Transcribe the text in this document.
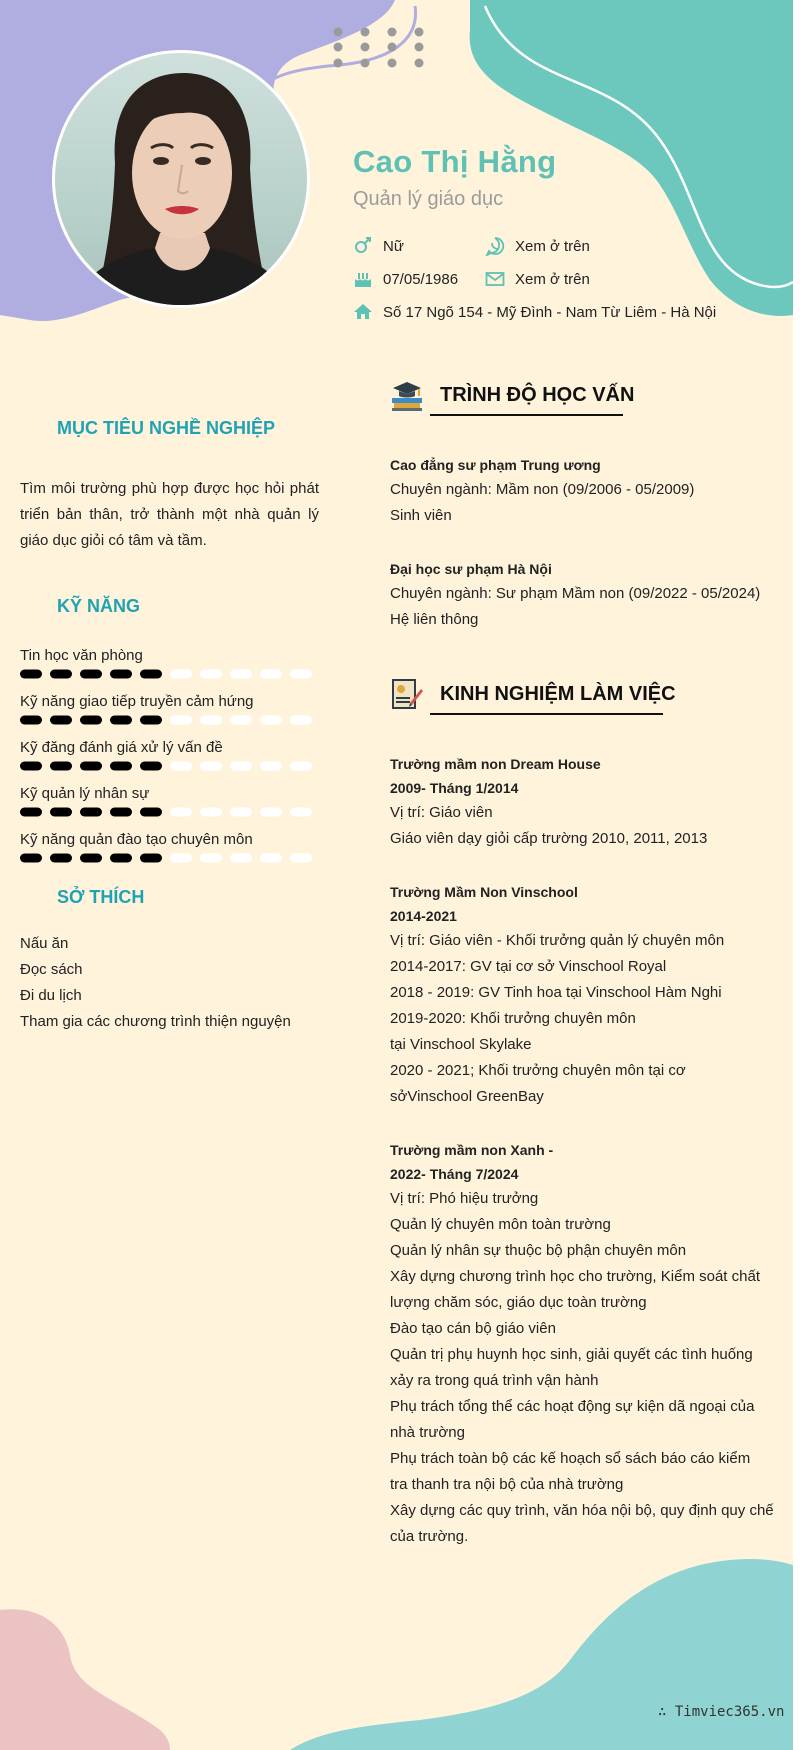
Cao Thị Hằng
Quản lý giáo dục
Nữ	Xem ở trên
07/05/1986	Xem ở trên
Số 17 Ngõ 154 - Mỹ Đình - Nam Từ Liêm - Hà Nội
MỤC TIÊU NGHỀ NGHIỆP
Tìm môi trường phù hợp được học hỏi phát triển bản thân, trở thành một nhà quản lý giáo dục giỏi có tâm và tầm.
KỸ NĂNG
Tin học văn phòng
Kỹ năng giao tiếp truyền cảm hứng
Kỹ đăng đánh giá xử lý vấn đề
Kỹ quản lý nhân sự
Kỹ năng quản đào tạo chuyên môn
SỞ THÍCH
Nấu ăn
Đọc sách
Đi du lịch
Tham gia các chương trình thiện nguyện
TRÌNH ĐỘ HỌC VẤN
Cao đẳng sư phạm Trung ương
Chuyên ngành: Mầm non (09/2006 - 05/2009)
Sinh viên
Đại học sư phạm Hà Nội
Chuyên ngành: Sư phạm Mầm non (09/2022 - 05/2024)
Hệ liên thông
KINH NGHIỆM LÀM VIỆC
Trường mầm non Dream House
2009- Tháng 1/2014
Vị trí: Giáo viên
Giáo viên dạy giỏi cấp trường 2010, 2011, 2013
Trường Mầm Non Vinschool
2014-2021
Vị trí: Giáo viên - Khối trưởng quản lý chuyên môn
2014-2017: GV tại cơ sở Vinschool Royal
2018 - 2019: GV Tinh hoa tại Vinschool Hàm Nghi
2019-2020: Khối trưởng chuyên môn
tại Vinschool Skylake
2020 - 2021; Khối trưởng chuyên môn tại cơ
sởVinschool GreenBay
Trường mầm non Xanh -
2022- Tháng 7/2024
Vị trí: Phó hiệu trưởng
Quản lý chuyên môn toàn trường
Quản lý nhân sự thuộc bộ phận chuyên môn
Xây dựng chương trình học cho trường, Kiểm soát chất
lượng chăm sóc, giáo dục toàn trường
Đào tạo cán bộ giáo viên
Quản trị phụ huynh học sinh, giải quyết các tình huống
xảy ra trong quá trình vận hành
Phụ trách tổng thể các hoạt động sự kiện dã ngoại của
nhà trường
Phụ trách toàn bộ các kế hoạch sổ sách báo cáo kiểm
tra thanh tra nội bộ của nhà trường
Xây dựng các quy trình, văn hóa nội bộ, quy định quy chế
của trường.
∴ Timviec365.vn
